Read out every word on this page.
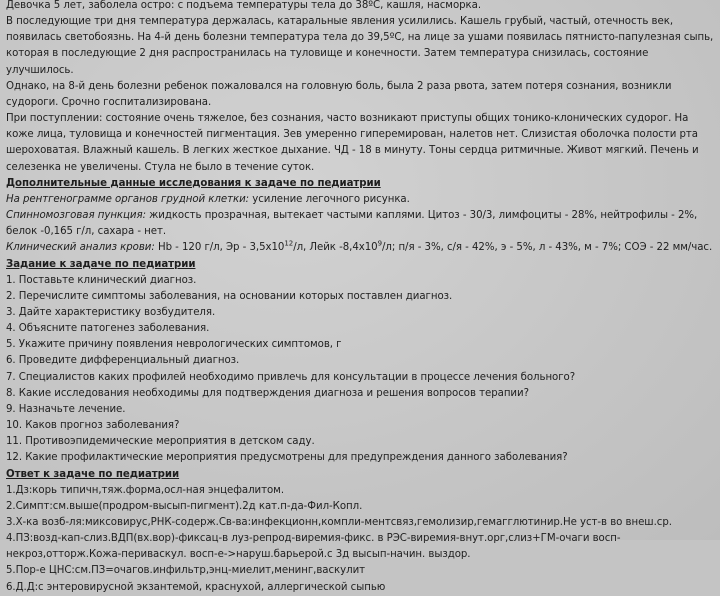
Девочка 5 лет, заболела остро: с подъема температуры тела до 38ºС, кашля, насморка.

В последующие три дня температура держалась, катаральные явления усилились. Кашель грубый, частый, отечность век, появилась светобоязнь. На 4-й день болезни температура тела до 39,5ºС, на лице за ушами появилась пятнисто-папулезная сыпь, которая в последующие 2 дня распространилась на туловище и конечности. Затем температура снизилась, состояние улучшилось.

Однако, на 8-й день болезни ребенок пожаловался на головную боль, была 2 раза рвота, затем потеря сознания, возникли судороги. Срочно госпитализирована.

При поступлении: состояние очень тяжелое, без сознания, часто возникают приступы общих тонико-клонических судорог. На коже лица, туловища и конечностей пигментация. Зев умеренно гиперемирован, налетов нет. Слизистая оболочка полости рта шероховатая. Влажный кашель. В легких жесткое дыхание. ЧД - 18 в минуту. Тоны сердца ритмичные. Живот мягкий. Печень и селезенка не увеличены. Стула не было в течение суток.

Дополнительные данные исследования к задаче по педиатрии

На рентгенограмме органов грудной клетки: усиление легочного рисунка.

Спинномозговая пункция: жидкость прозрачная, вытекает частыми каплями. Цитоз - 30/3, лимфоциты - 28%, нейтрофилы - 2%, белок -0,165 г/л, сахара - нет.

Клинический анализ крови: Нb - 120 г/л, Эр - $3,5х10^{12}/л$, Лейк $-8,4х10^9/л$; п/я - 3%, с/я - 42%, э - 5%, л - 43%, м - 7%; СОЭ - 22 мм/час.

Задание к задаче по педиатрии

1. Поставьте клинический диагноз.

2. Перечислите симптомы заболевания, на основании которых поставлен диагноз.

3. Дайте характеристику возбудителя.

4. Объясните патогенез заболевания.

5. Укажите причину появления неврологических симптомов, г

6. Проведите дифференциальный диагноз.

7. Специалистов каких профилей необходимо привлечь для консультации в процессе лечения больного?

8. Какие исследования необходимы для подтверждения диагноза и решения вопросов терапии?

9. Назначьте лечение.

10. Каков прогноз заболевания?

11. Противоэпидемические мероприятия в детском саду.

12. Какие профилактические мероприятия предусмотрены для предупреждения данного заболевания?

Ответ к задаче по педиатрии

1.Дз:корь типичн,тяж.форма,осл-ная энцефалитом.

2.Симпт:см.выше(продром-высып-пигмент).2д кат.п-да-Фил-Копл.

3.Х-ка возб-ля:миксовирус,РНК-содерж.Св-ва:инфекционн,компли-ментсвяз,гемолизир,гемагглютинир.Не уст-в во внеш.ср.

4.ПЗ:возд-кап-слиз.ВДП(вх.вор)-фиксац-в луз-репрод-виремия-фикс. в РЭС-виремия-внут.орг,слиз+ГМ-очаги восп-некроз,отторж.Кожа-периваскул. восп-е->наруш.барьерой.с 3д высып-начин. выздор.

5.Пор-е ЦНС:см.ПЗ=очагов.инфильтр,энц-миелит,менинг,васкулит

6.Д.Д:с энтеровирусной экзантемой, краснухой, аллергической сыпью
